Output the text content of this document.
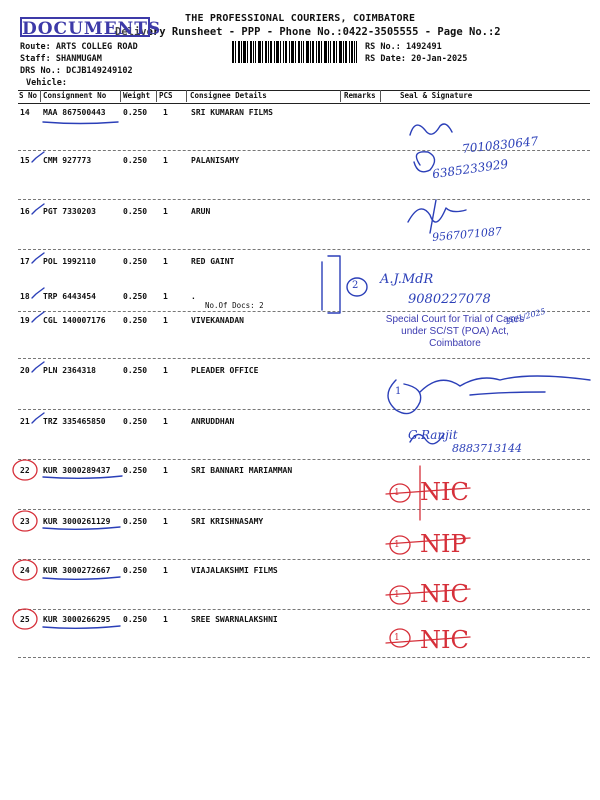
THE PROFESSIONAL COURIERS, COIMBATORE
Delivery Runsheet - PPP - Phone No.:0422-3505555 - Page No.:2
DOCUMENTS
Route: ARTS COLLEG ROAD
Staff: SHANMUGAM
DRS No.: DCJB149249102
Vehicle:
RS No.: 1492491
RS Date: 20-Jan-2025
S No Consignment No Weight PCS Consignee Details	Remarks	Seal & Signature
14 MAA 867500443 0.250 1	SRI KUMARAN FILMS
15 CMM 927773	0.250 1	PALANISAMY
16 PGT 7330203	0.250 1	ARUN
17 POL 1992110	0.250 1	RED GAINT
18 TRP 6443454	0.250 1	.
No.Of Docs: 2
19 CGL 140007176 0.250 1	VIVEKANADAN
20 PLN 2364318	0.250 1	PLEADER OFFICE
21 TRZ 335465850 0.250 1	ANRUDDHAN
22 KUR 3000289437 0.250 1	SRI BANNARI MARIAMMAN
23 KUR 3000261129 0.250 1	SRI KRISHNASAMY
24 KUR 3000272667 0.250 1	VIAJALAKSHMI FILMS
25 KUR 3000266295 0.250 1	SREE SWARNALAKSHNI
Special Court for Trial of Cases
under SC/ST (POA) Act,
Coimbatore
7010830647
6385233929
9567071087
2 A.J.MdR
9080227078
20/1/2025
1
G.Ranjit
8883713144
1 NIC
1 NIP
1 NIC
1 NIC
